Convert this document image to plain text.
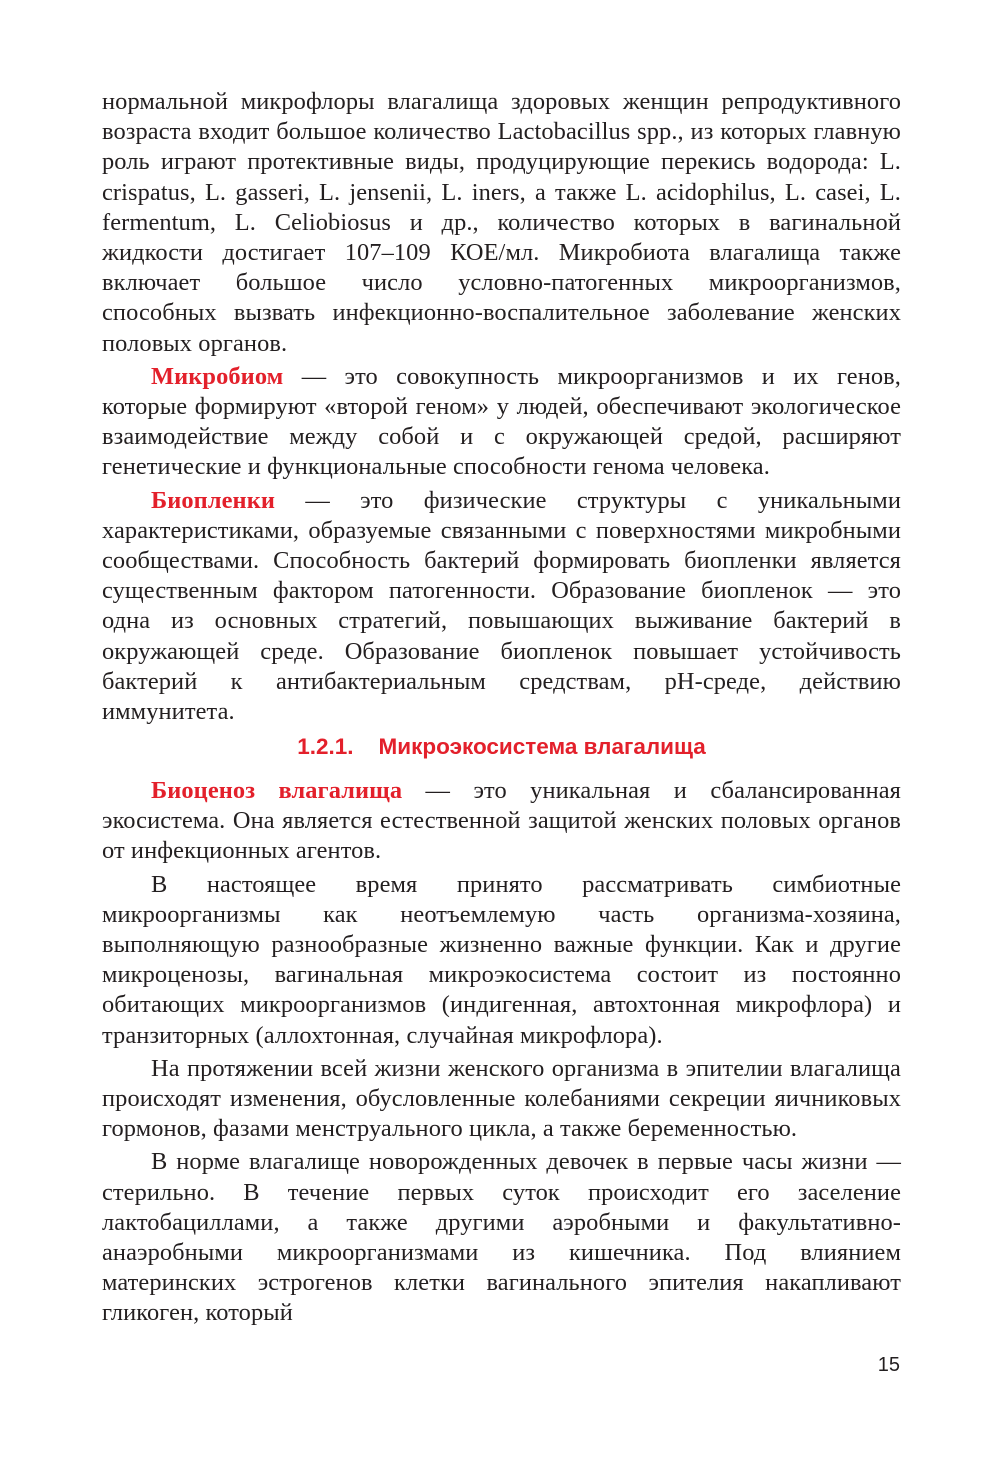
нормальной микрофлоры влагалища здоровых женщин репродуктивного возраста входит большое количество Lactobacillus spp., из которых главную роль играют протективные виды, продуцирующие перекись водорода: L. crispatus, L. gasseri, L. jensenii, L. iners, а также L. acidophilus, L. casei, L. fermentum, L. Celiobiosus и др., количество которых в вагинальной жидкости достигает 107–109 КОЕ/мл. Микробиота влагалища также включает большое число условно-патогенных микроорганизмов, способных вызвать инфекционно-воспалительное заболевание женских половых органов.

Микробиом — это совокупность микроорганизмов и их генов, которые формируют «второй геном» у людей, обеспечивают экологическое взаимодействие между собой и с окружающей средой, расширяют генетические и функциональные способности генома человека.

Биопленки — это физические структуры с уникальными характеристиками, образуемые связанными с поверхностями микробными сообществами. Способность бактерий формировать биопленки является существенным фактором патогенности. Образование биопленок — это одна из основных стратегий, повышающих выживание бактерий в окружающей среде. Образование биопленок повышает устойчивость бактерий к антибактериальным средствам, рН-среде, действию иммунитета.

1.2.1. Микроэкосистема влагалища

Биоценоз влагалища — это уникальная и сбалансированная экосистема. Она является естественной защитой женских половых органов от инфекционных агентов.

В настоящее время принято рассматривать симбиотные микроорганизмы как неотъемлемую часть организма-хозяина, выполняющую разнообразные жизненно важные функции. Как и другие микроценозы, вагинальная микроэкосистема состоит из постоянно обитающих микроорганизмов (индигенная, автохтонная микрофлора) и транзиторных (аллохтонная, случайная микрофлора).

На протяжении всей жизни женского организма в эпителии влагалища происходят изменения, обусловленные колебаниями секреции яичниковых гормонов, фазами менструального цикла, а также беременностью.

В норме влагалище новорожденных девочек в первые часы жизни — стерильно. В течение первых суток происходит его заселение лактобациллами, а также другими аэробными и факультативно-анаэробными микроорганизмами из кишечника. Под влиянием материнских эстрогенов клетки вагинального эпителия накапливают гликоген, который

15
